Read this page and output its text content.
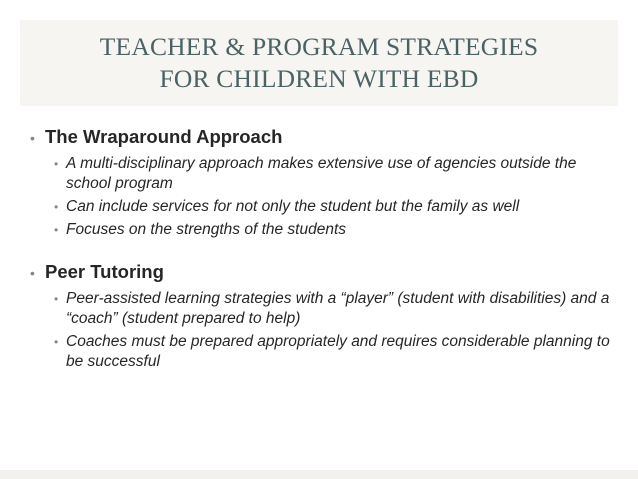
TEACHER & PROGRAM STRATEGIES
FOR CHILDREN WITH EBD
• The Wraparound Approach
• A multi-disciplinary approach makes extensive use of agencies outside the school program
• Can include services for not only the student but the family as well
• Focuses on the strengths of the students
• Peer Tutoring
• Peer-assisted learning strategies with a “player” (student with disabilities) and a “coach” (student prepared to help)
• Coaches must be prepared appropriately and requires considerable planning to be successful
